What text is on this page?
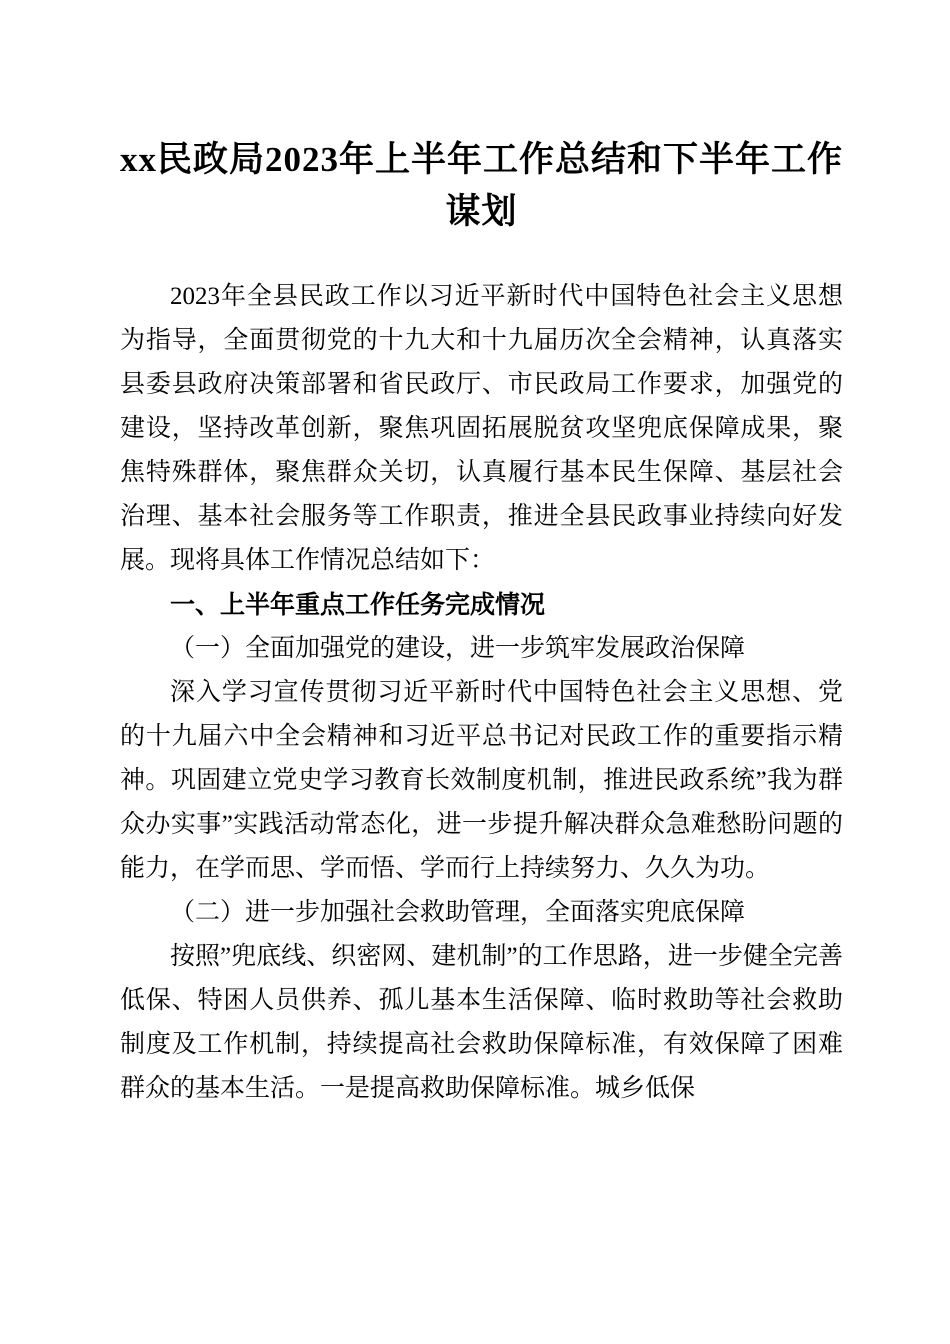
xx民政局2023年上半年工作总结和下半年工作谋划

2023年全县民政工作以习近平新时代中国特色社会主义思想为指导，全面贯彻党的十九大和十九届历次全会精神，认真落实县委县政府决策部署和省民政厅、市民政局工作要求，加强党的建设，坚持改革创新，聚焦巩固拓展脱贫攻坚兜底保障成果，聚焦特殊群体，聚焦群众关切，认真履行基本民生保障、基层社会治理、基本社会服务等工作职责，推进全县民政事业持续向好发展。现将具体工作情况总结如下：

一、上半年重点工作任务完成情况

（一）全面加强党的建设，进一步筑牢发展政治保障

深入学习宣传贯彻习近平新时代中国特色社会主义思想、党的十九届六中全会精神和习近平总书记对民政工作的重要指示精神。巩固建立党史学习教育长效制度机制，推进民政系统”我为群众办实事”实践活动常态化，进一步提升解决群众急难愁盼问题的能力，在学而思、学而悟、学而行上持续努力、久久为功。

（二）进一步加强社会救助管理，全面落实兜底保障

按照”兜底线、织密网、建机制”的工作思路，进一步健全完善低保、特困人员供养、孤儿基本生活保障、临时救助等社会救助制度及工作机制，持续提高社会救助保障标准，有效保障了困难群众的基本生活。一是提高救助保障标准。城乡低保
